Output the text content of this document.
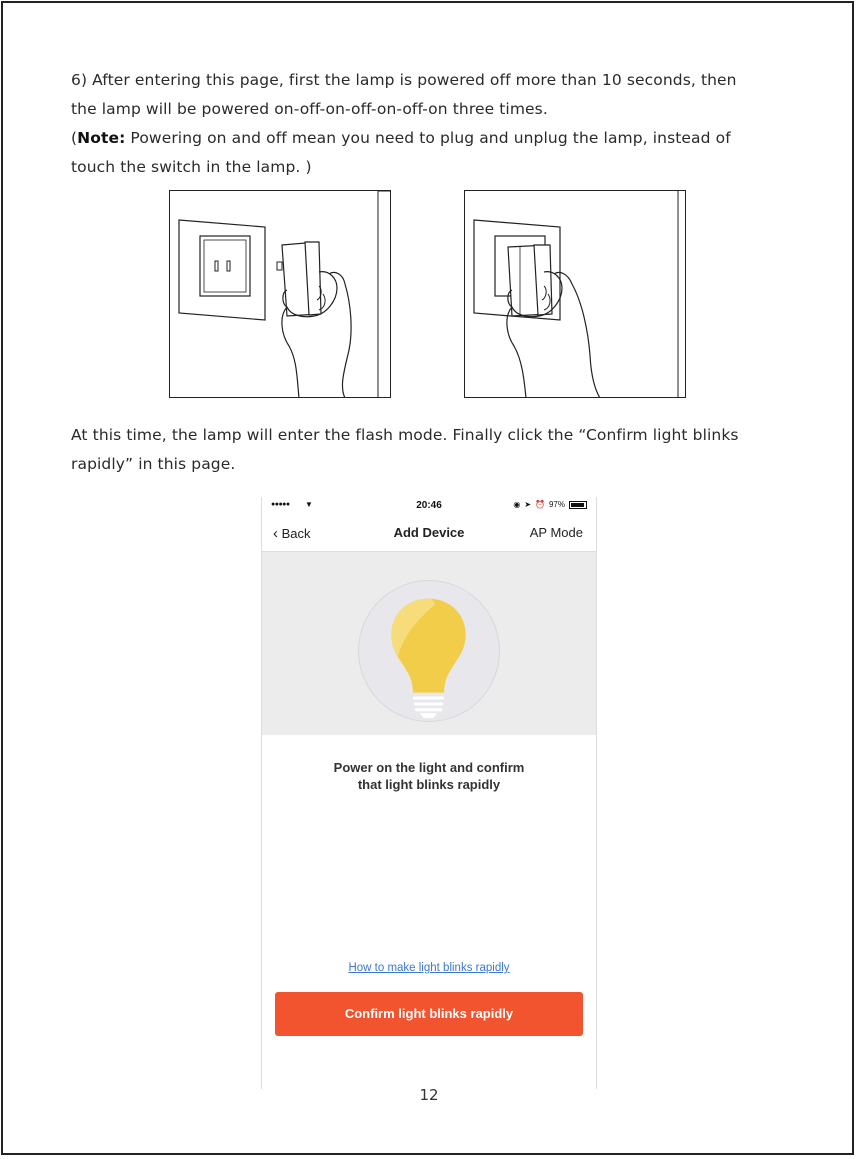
6) After entering this page, first the lamp is powered off more than 10 seconds, then
the lamp will be powered on-off-on-off-on-off-on three times.
(Note: Powering on and off mean you need to plug and unplug the lamp, instead of
touch the switch in the lamp. )
At this time, the lamp will enter the flash mode. Finally click the “Confirm light blinks
rapidly” in this page.
●●●●● ▼	20:46	◉ ➤ ⏰ 97%
‹ Back	Add Device	AP Mode
Power on the light and confirm
that light blinks rapidly
How to make light blinks rapidly
Confirm light blinks rapidly
12
